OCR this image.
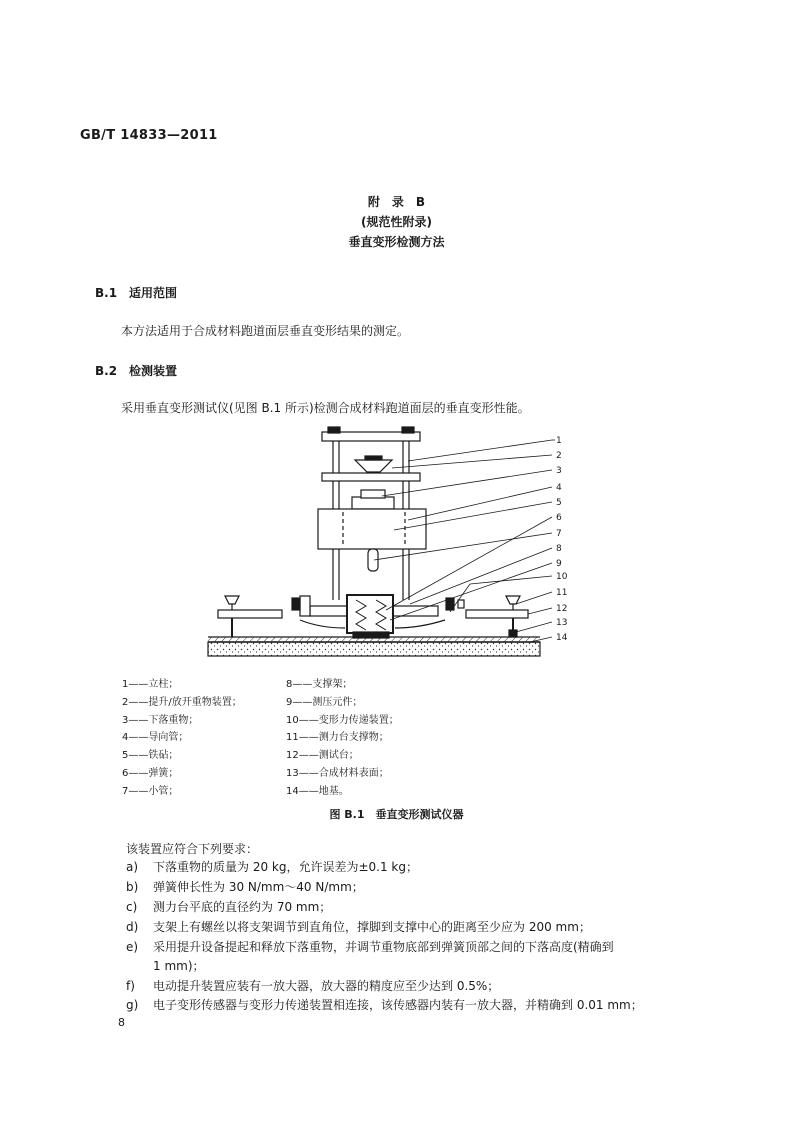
GB/T 14833—2011
附　录　B
(规范性附录)
垂直变形检测方法
B.1 适用范围
本方法适用于合成材料跑道面层垂直变形结果的测定。
B.2 检测装置
采用垂直变形测试仪(见图 B.1 所示)检测合成材料跑道面层的垂直变形性能。
1
2
3
4
5
6
7
8
9
10
11
12
13
14
1——立柱；
2——提升/放开重物装置；
3——下落重物；
4——导向管；
5——铁砧；
6——弹簧；
7——小管；
8——支撑架；
9——测压元件；
10——变形力传递装置；
11——测力台支撑物；
12——测试台；
13——合成材料表面；
14——地基。
图 B.1　垂直变形测试仪器
该装置应符合下列要求：
a) 下落重物的质量为 20 kg，允许误差为±0.1 kg；
b) 弹簧伸长性为 30 N/mm～40 N/mm；
c) 测力台平底的直径约为 70 mm；
d) 支架上有螺丝以将支架调节到直角位，撑脚到支撑中心的距离至少应为 200 mm；
e) 采用提升设备提起和释放下落重物，并调节重物底部到弹簧顶部之间的下落高度(精确到
1 mm)；
f) 电动提升装置应装有一放大器，放大器的精度应至少达到 0.5%；
g) 电子变形传感器与变形力传递装置相连接，该传感器内装有一放大器，并精确到 0.01 mm；
8
